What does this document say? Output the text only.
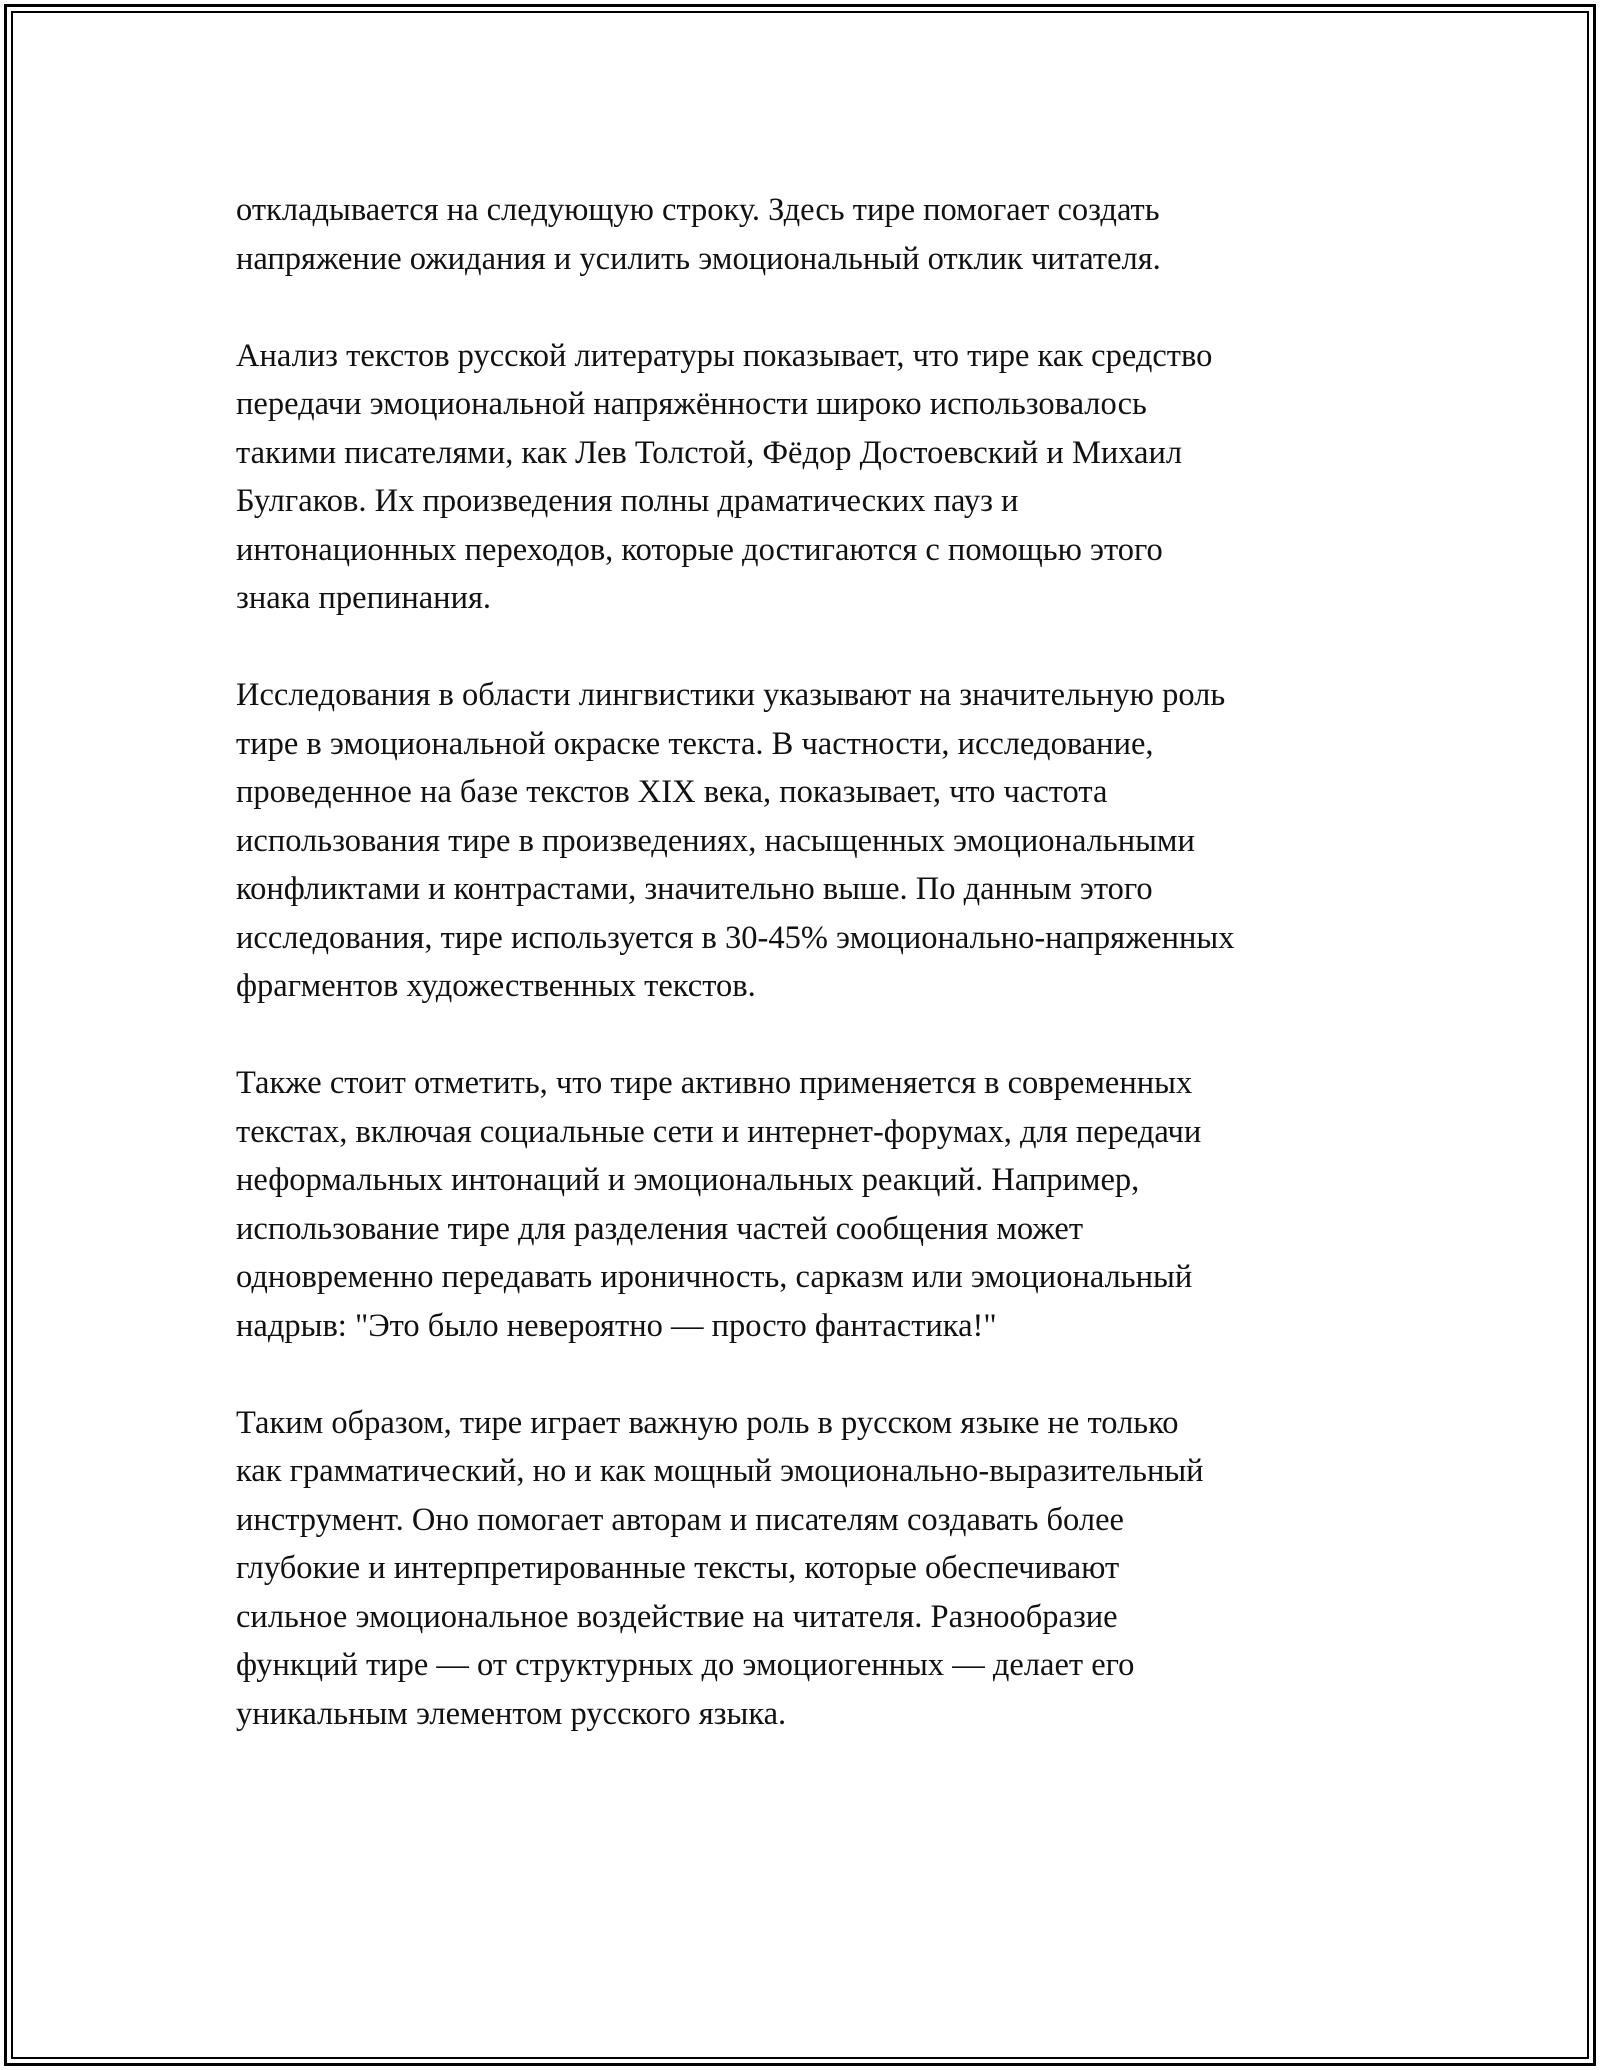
откладывается на следующую строку. Здесь тире помогает создать
напряжение ожидания и усилить эмоциональный отклик читателя.

Анализ текстов русской литературы показывает, что тире как средство
передачи эмоциональной напряжённости широко использовалось
такими писателями, как Лев Толстой, Фёдор Достоевский и Михаил
Булгаков. Их произведения полны драматических пауз и
интонационных переходов, которые достигаются с помощью этого
знака препинания.

Исследования в области лингвистики указывают на значительную роль
тире в эмоциональной окраске текста. В частности, исследование,
проведенное на базе текстов XIX века, показывает, что частота
использования тире в произведениях, насыщенных эмоциональными
конфликтами и контрастами, значительно выше. По данным этого
исследования, тире используется в 30-45% эмоционально-напряженных
фрагментов художественных текстов.

Также стоит отметить, что тире активно применяется в современных
текстах, включая социальные сети и интернет-форумах, для передачи
неформальных интонаций и эмоциональных реакций. Например,
использование тире для разделения частей сообщения может
одновременно передавать ироничность, сарказм или эмоциональный
надрыв: "Это было невероятно — просто фантастика!"

Таким образом, тире играет важную роль в русском языке не только
как грамматический, но и как мощный эмоционально-выразительный
инструмент. Оно помогает авторам и писателям создавать более
глубокие и интерпретированные тексты, которые обеспечивают
сильное эмоциональное воздействие на читателя. Разнообразие
функций тире — от структурных до эмоциогенных — делает его
уникальным элементом русского языка.
